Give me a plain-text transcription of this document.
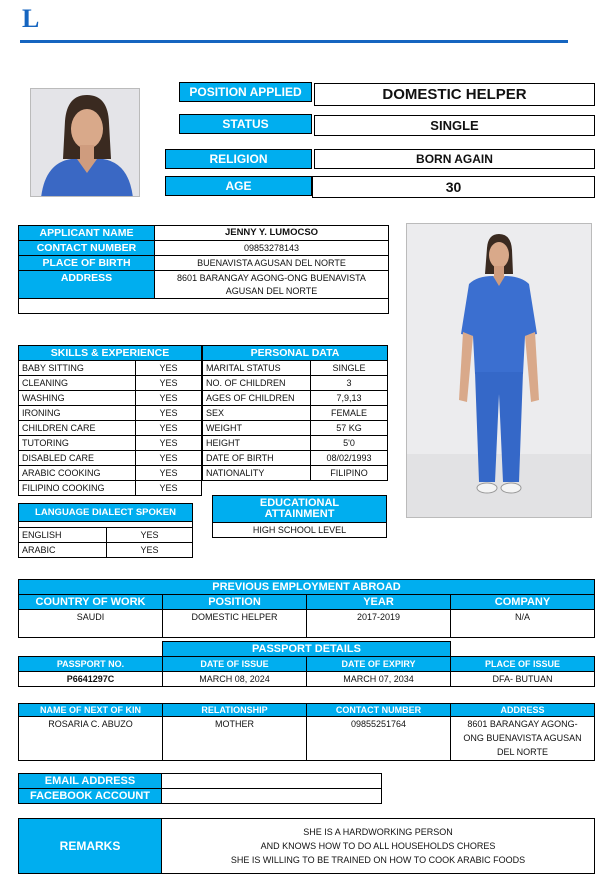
L
POSITION APPLIED	DOMESTIC HELPER
STATUS	SINGLE
RELIGION	BORN AGAIN
AGE	30
APPLICANT NAME	JENNY Y. LUMOCSO
CONTACT NUMBER	09853278143
PLACE OF BIRTH	BUENAVISTA AGUSAN DEL NORTE
ADDRESS	8601 BARANGAY AGONG-ONG BUENAVISTA
AGUSAN DEL NORTE

SKILLS & EXPERIENCE	
BABY SITTING	YES
CLEANING	YES
WASHING	YES
IRONING	YES
CHILDREN CARE	YES
TUTORING	YES
DISABLED CARE	YES
ARABIC COOKING	YES
FILIPINO COOKING	YES
PERSONAL DATA	
MARITAL STATUS	SINGLE
NO. OF CHILDREN	3
AGES OF CHILDREN	7,9,13
SEX	FEMALE
WEIGHT	57 KG
HEIGHT	5'0
DATE OF BIRTH	08/02/1993
NATIONALITY	FILIPINO
LANGUAGE DIALECT SPOKEN	

ENGLISH	YES
ARABIC	YES
EDUCATIONAL
ATTAINMENT
HIGH SCHOOL LEVEL
PREVIOUS EMPLOYMENT ABROAD			
COUNTRY OF WORK	POSITION	YEAR	COMPANY
SAUDI	DOMESTIC HELPER	2017-2019	N/A
	PASSPORT DETAILS		
PASSPORT NO.	DATE OF ISSUE	DATE OF EXPIRY	PLACE OF ISSUE
P6641297C	MARCH 08, 2024	MARCH 07, 2034	DFA- BUTUAN
NAME OF NEXT OF KIN	RELATIONSHIP	CONTACT NUMBER	ADDRESS
ROSARIA C. ABUZO	MOTHER	09855251764	8601 BARANGAY AGONG-
ONG BUENAVISTA AGUSAN
DEL NORTE
EMAIL ADDRESS	
FACEBOOK ACCOUNT	
REMARKS
SHE IS A HARDWORKING PERSON
AND KNOWS HOW TO DO ALL HOUSEHOLDS CHORES
SHE IS WILLING TO BE TRAINED ON HOW TO COOK ARABIC FOODS
